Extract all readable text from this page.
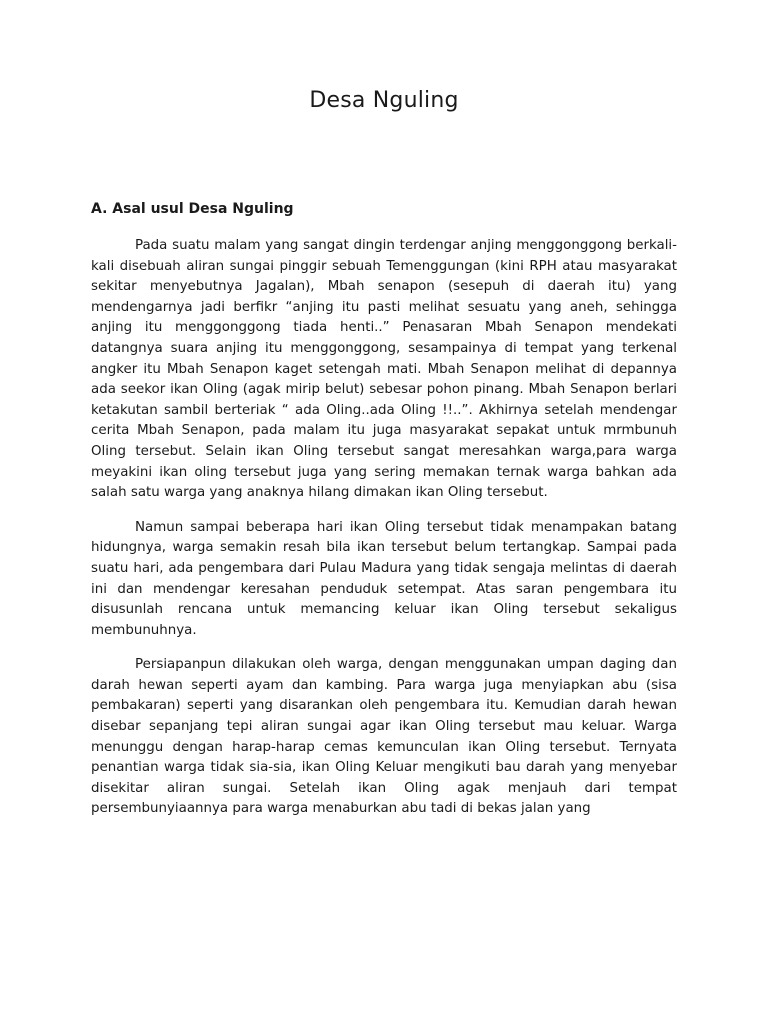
Desa Nguling
A. Asal usul Desa Nguling

Pada suatu malam yang sangat dingin terdengar anjing menggonggong berkali-kali disebuah aliran sungai pinggir sebuah Temenggungan (kini RPH atau masyarakat sekitar menyebutnya Jagalan), Mbah senapon (sesepuh di daerah itu) yang mendengarnya jadi berfikr “anjing itu pasti melihat sesuatu yang aneh, sehingga anjing itu menggonggong tiada henti..” Penasaran Mbah Senapon mendekati datangnya suara anjing itu menggonggong, sesampainya di tempat yang terkenal angker itu Mbah Senapon kaget setengah mati. Mbah Senapon melihat di depannya ada seekor ikan Oling (agak mirip belut) sebesar pohon pinang. Mbah Senapon berlari ketakutan sambil berteriak “ ada Oling..ada Oling !!..”. Akhirnya setelah mendengar cerita Mbah Senapon, pada malam itu juga masyarakat sepakat untuk mrmbunuh Oling tersebut. Selain ikan Oling tersebut sangat meresahkan warga,para warga meyakini ikan oling tersebut juga yang sering memakan ternak warga bahkan ada salah satu warga yang anaknya hilang dimakan ikan Oling tersebut.

Namun sampai beberapa hari ikan Oling tersebut tidak menampakan batang hidungnya, warga semakin resah bila ikan tersebut belum tertangkap. Sampai pada suatu hari, ada pengembara dari Pulau Madura yang tidak sengaja melintas di daerah ini dan mendengar keresahan penduduk setempat. Atas saran pengembara itu disusunlah rencana untuk memancing keluar ikan Oling tersebut sekaligus membunuhnya.

Persiapanpun dilakukan oleh warga, dengan menggunakan umpan daging dan darah hewan seperti ayam dan kambing. Para warga juga menyiapkan abu (sisa pembakaran) seperti yang disarankan oleh pengembara itu. Kemudian darah hewan disebar sepanjang tepi aliran sungai agar ikan Oling tersebut mau keluar. Warga menunggu dengan harap-harap cemas kemunculan ikan Oling tersebut. Ternyata penantian warga tidak sia-sia, ikan Oling Keluar mengikuti bau darah yang menyebar disekitar aliran sungai. Setelah ikan Oling agak menjauh dari tempat persembunyiaannya para warga menaburkan abu tadi di bekas jalan yang
